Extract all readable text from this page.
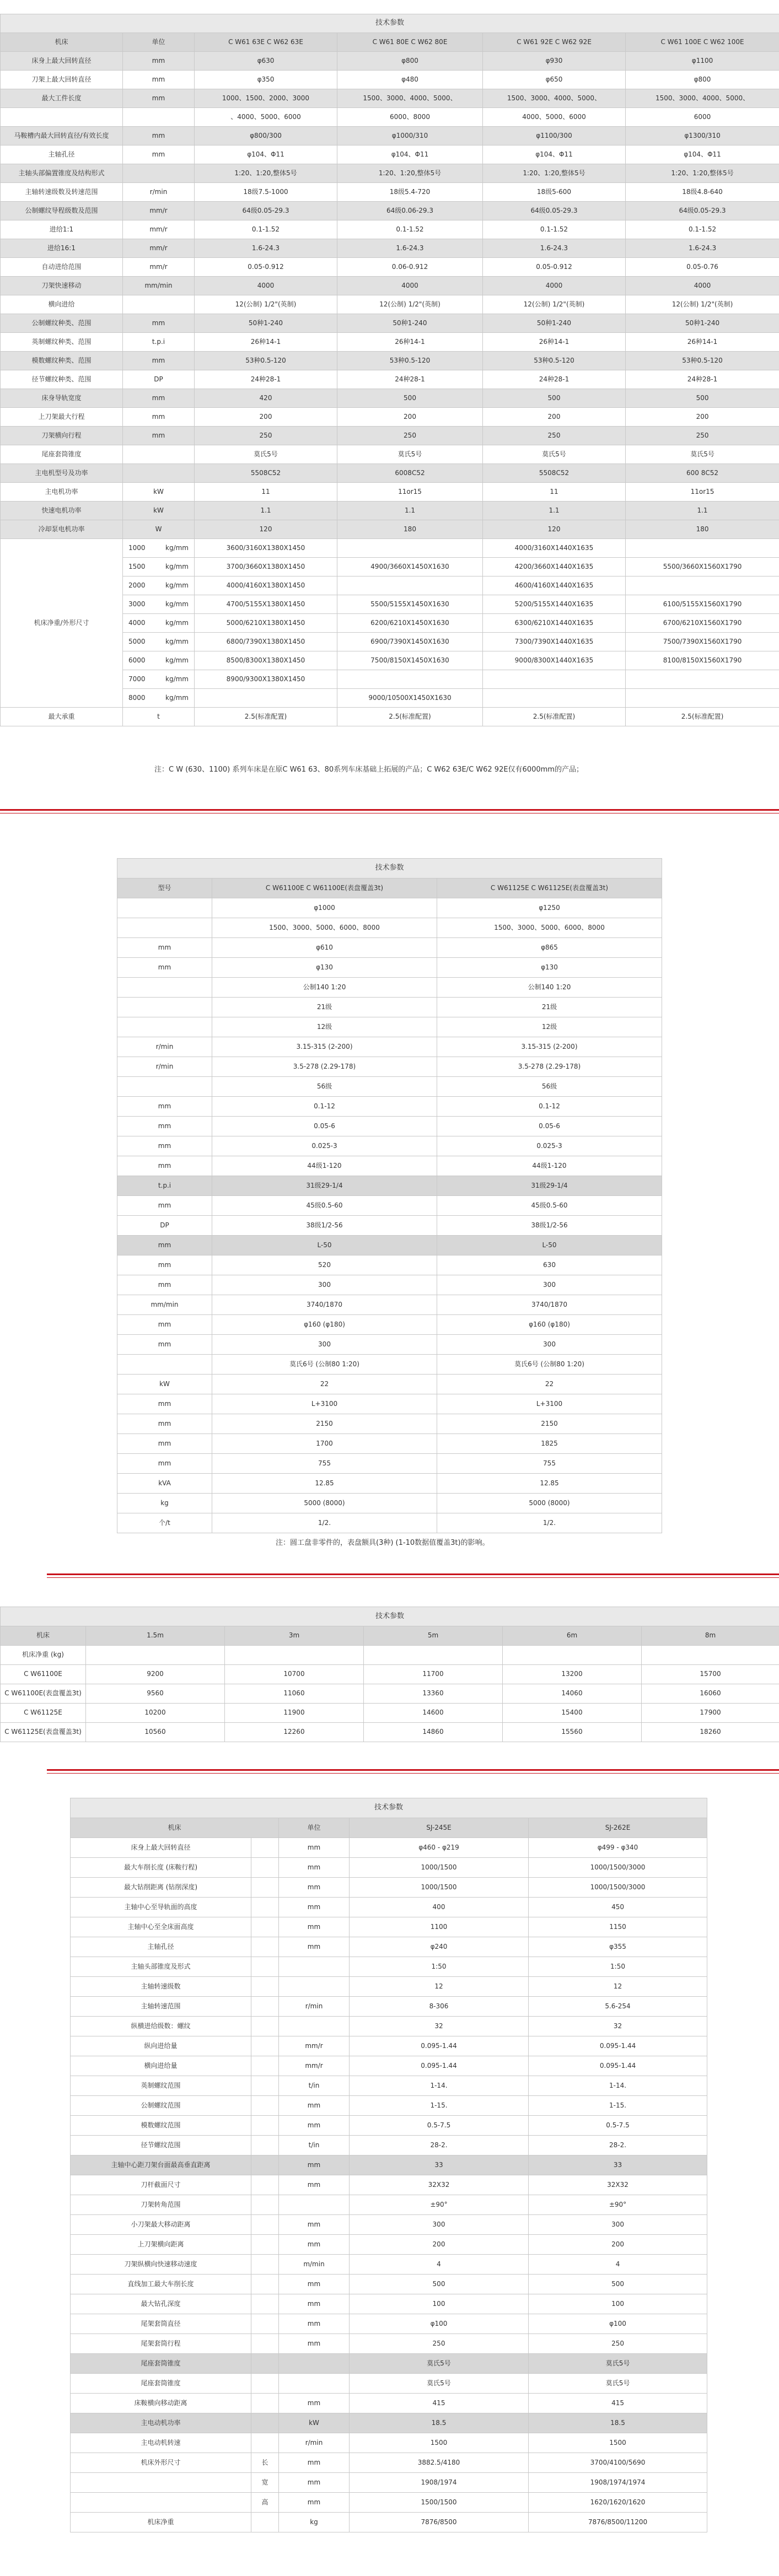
技术参数					
机床	单位	C W61 63E C W62 63E	C W61 80E C W62 80E	C W61 92E C W62 92E	C W61 100E C W62 100E
床身上最大回转直径	mm	φ630	φ800	φ930	φ1100
刀架上最大回转直径	mm	φ350	φ480	φ650	φ800
最大工件长度	mm	1000、1500、2000、3000	1500、3000、4000、5000、	1500、3000、4000、5000、	1500、3000、4000、5000、
		、4000、5000、6000	6000、8000	4000、5000、6000	6000
马鞍槽内最大回转直径/有效长度	mm	φ800/300	φ1000/310	φ1100/300	φ1300/310
主轴孔径	mm	φ104、Φ11	φ104、Φ11	φ104、Φ11	φ104、Φ11
主轴头部偏置锥度及结构形式		1:20、1:20,整体5号	1:20、1:20,整体5号	1:20、1:20,整体5号	1:20、1:20,整体5号
主轴转速级数及转速范围	r/min	18级7.5-1000	18级5.4-720	18级5-600	18级4.8-640
公制螺纹导程级数及范围	mm/r	64级0.05-29.3	64级0.06-29.3	64级0.05-29.3	64级0.05-29.3
进给1:1	mm/r	0.1-1.52	0.1-1.52	0.1-1.52	0.1-1.52
进给16:1	mm/r	1.6-24.3	1.6-24.3	1.6-24.3	1.6-24.3
自动进给范围	mm/r	0.05-0.912	0.06-0.912	0.05-0.912	0.05-0.76
刀架快速移动	mm/min	4000	4000	4000	4000
横向进给		12(公制) 1/2"(英制)	12(公制) 1/2"(英制)	12(公制) 1/2"(英制)	12(公制) 1/2"(英制)
公制螺纹种类、范围	mm	50种1-240	50种1-240	50种1-240	50种1-240
英制螺纹种类、范围	t.p.i	26种14-1	26种14-1	26种14-1	26种14-1
模数螺纹种类、范围	mm	53种0.5-120	53种0.5-120	53种0.5-120	53种0.5-120
径节螺纹种类、范围	DP	24种28-1	24种28-1	24种28-1	24种28-1
床身导轨宽度	mm	420	500	500	500
上刀架最大行程	mm	200	200	200	200
刀架横向行程	mm	250	250	250	250
尾座套筒锥度		莫氏5号	莫氏5号	莫氏5号	莫氏5号
主电机型号及功率		5508C52	6008C52	5508C52	600 8C52
主电机功率	kW	11	11or15	11	11or15
快速电机功率	kW	1.1	1.1	1.1	1.1
冷却泵电机功率	W	120	180	120	180
机床净重/外形尺寸	1000 kg/mm	3600/3160X1380X1450		4000/3160X1440X1635	

	1500 kg/mm	3700/3660X1380X1450	4900/3660X1450X1630	4200/3660X1440X1635	5500/3660X1560X1790

	2000 kg/mm	4000/4160X1380X1450		4600/4160X1440X1635	

	3000 kg/mm	4700/5155X1380X1450	5500/5155X1450X1630	5200/5155X1440X1635	6100/5155X1560X1790

	4000 kg/mm	5000/6210X1380X1450	6200/6210X1450X1630	6300/6210X1440X1635	6700/6210X1560X1790

	5000 kg/mm	6800/7390X1380X1450	6900/7390X1450X1630	7300/7390X1440X1635	7500/7390X1560X1790

	6000 kg/mm	8500/8300X1380X1450	7500/8150X1450X1630	9000/8300X1440X1635	8100/8150X1560X1790

	7000 kg/mm	8900/9300X1380X1450			

	8000 kg/mm		9000/10500X1450X1630		
最大承重	t	2.5(标准配置)	2.5(标准配置)	2.5(标准配置)	2.5(标准配置)
注：C W (630、1100) 系列车床是在原C W61 63、80系列车床基础上拓展的产品；C W62 63E/C W62 92E仅有6000mm的产品；
技术参数		
型号	C W61100E C W61100E(表盘覆盖3t)	C W61125E C W61125E(表盘覆盖3t)
	φ1000	φ1250
	1500、3000、5000、6000、8000	1500、3000、5000、6000、8000
mm	φ610	φ865
mm	φ130	φ130
	公制140 1:20	公制140 1:20
	21级	21级
	12级	12级
r/min	3.15-315 (2-200)	3.15-315 (2-200)
r/min	3.5-278 (2.29-178)	3.5-278 (2.29-178)
	56级	56级
mm	0.1-12	0.1-12
mm	0.05-6	0.05-6
mm	0.025-3	0.025-3
mm	44级1-120	44级1-120
t.p.i	31级29-1/4	31级29-1/4
mm	45级0.5-60	45级0.5-60
DP	38级1/2-56	38级1/2-56
mm	L-50	L-50
mm	520	630
mm	300	300
mm/min	3740/1870	3740/1870
mm	φ160 (φ180)	φ160 (φ180)
mm	300	300
	莫氏6号 (公制80 1:20)	莫氏6号 (公制80 1:20)
kW	22	22
mm	L+3100	L+3100
mm	2150	2150
mm	1700	1825
mm	755	755
kVA	12.85	12.85
kg	5000 (8000)	5000 (8000)
个/t	1/2.	1/2.
注：圆工盘非零件的，表盘额具(3种) (1-10数据值覆盖3t)的影响。
技术参数					
机床	1.5m	3m	5m	6m	8m
机床净重 (kg)					
C W61100E	9200	10700	11700	13200	15700
C W61100E(表盘覆盖3t)	9560	11060	13360	14060	16060
C W61125E	10200	11900	14600	15400	17900
C W61125E(表盘覆盖3t)	10560	12260	14860	15560	18260
技术参数				
机床		单位	SJ-245E	SJ-262E
床身上最大回转直径		mm	φ460 - φ219	φ499 - φ340
最大车削长度 (床鞍行程)		mm	1000/1500	1000/1500/3000
最大钻削距离 (钻削深度)		mm	1000/1500	1000/1500/3000
主轴中心至导轨面的高度		mm	400	450
主轴中心至全床面高度		mm	1100	1150
主轴孔径		mm	φ240	φ355
主轴头部锥度及形式			1:50	1:50
主轴转速级数			12	12
主轴转速范围		r/min	8-306	5.6-254
纵横进给级数：螺纹			32	32
纵向进给量		mm/r	0.095-1.44	0.095-1.44
横向进给量		mm/r	0.095-1.44	0.095-1.44
英制螺纹范围		t/in	1-14.	1-14.
公制螺纹范围		mm	1-15.	1-15.
模数螺纹范围		mm	0.5-7.5	0.5-7.5
径节螺纹范围		t/in	28-2.	28-2.
主轴中心距刀架台面最高垂直距离		mm	33	33
刀杆截面尺寸		mm	32X32	32X32
刀架转角范围			±90°	±90°
小刀架最大移动距离		mm	300	300
上刀架横向距离		mm	200	200
刀架纵横向快速移动速度		m/min	4	4
直线加工最大车削长度		mm	500	500
最大钻孔深度		mm	100	100
尾架套筒直径		mm	φ100	φ100
尾架套筒行程		mm	250	250
尾座套筒锥度			莫氏5号	莫氏5号
尾座套筒锥度			莫氏5号	莫氏5号
床鞍横向移动距离		mm	415	415
主电动机功率		kW	18.5	18.5
主电动机转速		r/min	1500	1500
机床外形尺寸	长	mm	3882.5/4180	3700/4100/5690
	宽	mm	1908/1974	1908/1974/1974
	高	mm	1500/1500	1620/1620/1620
机床净重		kg	7876/8500	7876/8500/11200
